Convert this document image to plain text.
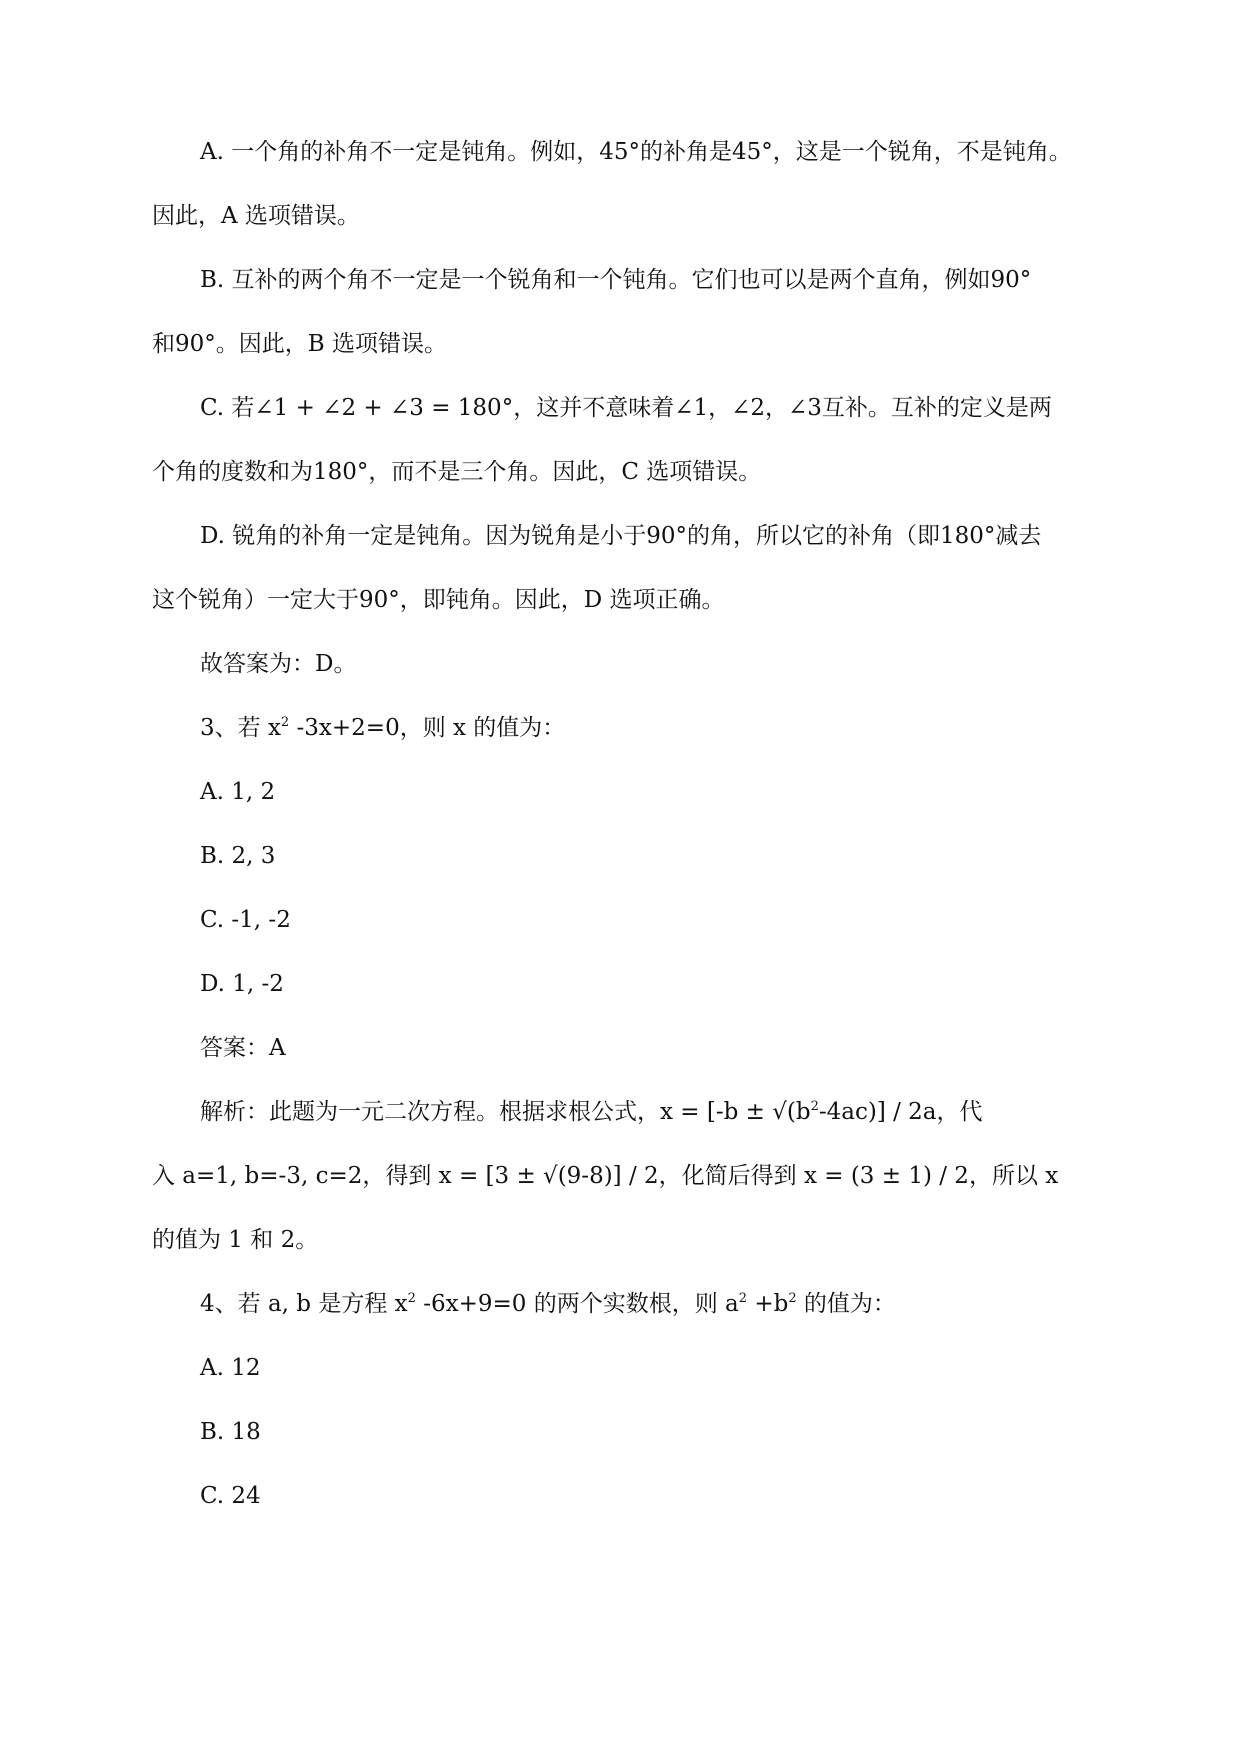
A. 一个角的补角不一定是钝角。例如，45°的补角是45°，这是一个锐角，不是钝角。
因此，A 选项错误。
B. 互补的两个角不一定是一个锐角和一个钝角。它们也可以是两个直角，例如90°
和90°。因此，B 选项错误。
C. 若∠1 + ∠2 + ∠3 = 180°，这并不意味着∠1，∠2，∠3互补。互补的定义是两
个角的度数和为180°，而不是三个角。因此，C 选项错误。
D. 锐角的补角一定是钝角。因为锐角是小于90°的角，所以它的补角（即180°减去
这个锐角）一定大于90°，即钝角。因此，D 选项正确。
故答案为：D。
3、若 $x^2$ -3x+2=0，则 x 的值为：
A. 1, 2
B. 2, 3
C. -1, -2
D. 1, -2
答案：A
解析：此题为一元二次方程。根据求根公式，$x = [-b \pm √(b^2-4ac)] / 2a$，代
入 a=1, b=-3, c=2，得到 x = [3 ± √(9-8)] / 2，化简后得到 x = (3 ± 1) / 2，所以 x
的值为 1 和 2。
4、若 a, b 是方程 $x^2$ -6x+9=0 的两个实数根，则 $a^2 +b^2$ 的值为：
A. 12
B. 18
C. 24
